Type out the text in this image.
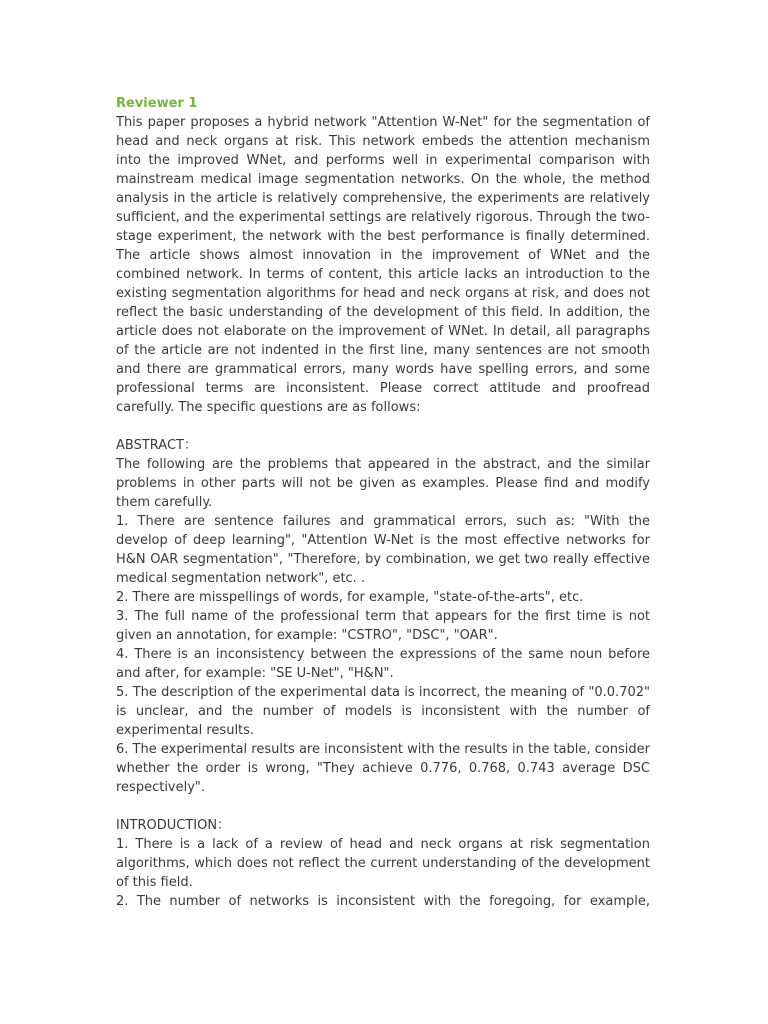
Reviewer 1

This paper proposes a hybrid network "Attention W-Net" for the segmentation of head and neck organs at risk. This network embeds the attention mechanism into the improved WNet, and performs well in experimental comparison with mainstream medical image segmentation networks. On the whole, the method analysis in the article is relatively comprehensive, the experiments are relatively sufficient, and the experimental settings are relatively rigorous. Through the two-stage experiment, the network with the best performance is finally determined. The article shows almost innovation in the improvement of WNet and the combined network. In terms of content, this article lacks an introduction to the existing segmentation algorithms for head and neck organs at risk, and does not reflect the basic understanding of the development of this field. In addition, the article does not elaborate on the improvement of WNet. In detail, all paragraphs of the article are not indented in the first line, many sentences are not smooth and there are grammatical errors, many words have spelling errors, and some professional terms are inconsistent. Please correct attitude and proofread carefully. The specific questions are as follows:

ABSTRACT：

The following are the problems that appeared in the abstract, and the similar problems in other parts will not be given as examples. Please find and modify them carefully.

1. There are sentence failures and grammatical errors, such as: "With the develop of deep learning", "Attention W-Net is the most effective networks for H&N OAR segmentation", "Therefore, by combination, we get two really effective medical segmentation network", etc. .

2. There are misspellings of words, for example, "state-of-the-arts", etc.

3. The full name of the professional term that appears for the first time is not given an annotation, for example: "CSTRO", "DSC", "OAR".

4. There is an inconsistency between the expressions of the same noun before and after, for example: "SE U-Net", "H&N".

5. The description of the experimental data is incorrect, the meaning of "0.0.702" is unclear, and the number of models is inconsistent with the number of experimental results.

6. The experimental results are inconsistent with the results in the table, consider whether the order is wrong, "They achieve 0.776, 0.768, 0.743 average DSC respectively".

INTRODUCTION：

1. There is a lack of a review of head and neck organs at risk segmentation algorithms, which does not reflect the current understanding of the development of this field.

2. The number of networks is inconsistent with the foregoing, for example,
